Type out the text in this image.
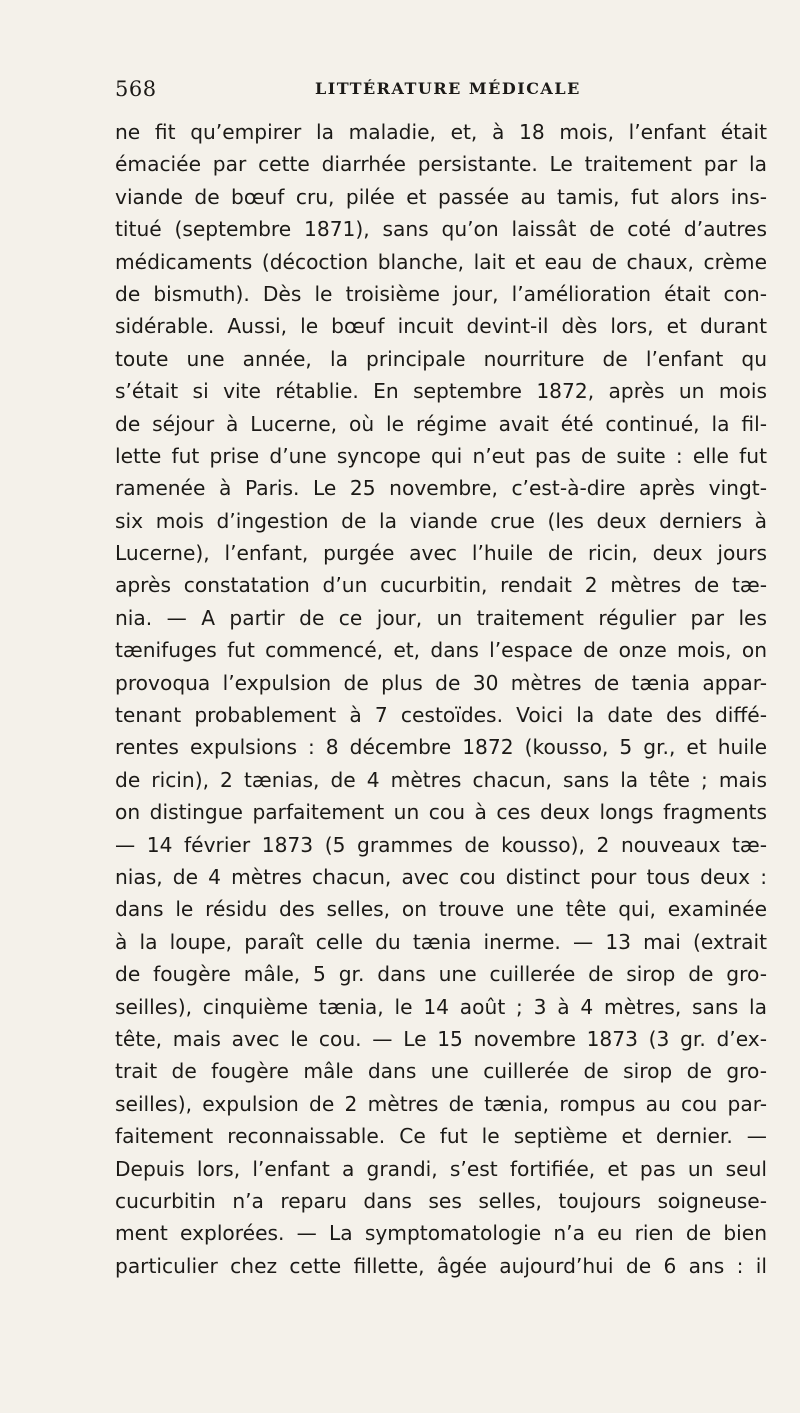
568	LITTÉRATURE MÉDICALE
ne fit qu’empirer la maladie, et, à 18 mois, l’enfant était
émaciée par cette diarrhée persistante. Le traitement par la
viande de bœuf cru, pilée et passée au tamis, fut alors ins-
titué (septembre 1871), sans qu’on laissât de coté d’autres
médicaments (décoction blanche, lait et eau de chaux, crème
de bismuth). Dès le troisième jour, l’amélioration était con-
sidérable. Aussi, le bœuf incuit devint-il dès lors, et durant
toute une année, la principale nourriture de l’enfant qu
s’était si vite rétablie. En septembre 1872, après un mois
de séjour à Lucerne, où le régime avait été continué, la fil-
lette fut prise d’une syncope qui n’eut pas de suite : elle fut
ramenée à Paris. Le 25 novembre, c’est-à-dire après vingt-
six mois d’ingestion de la viande crue (les deux derniers à
Lucerne), l’enfant, purgée avec l’huile de ricin, deux jours
après constatation d’un cucurbitin, rendait 2 mètres de tæ-
nia. — A partir de ce jour, un traitement régulier par les
tænifuges fut commencé, et, dans l’espace de onze mois, on
provoqua l’expulsion de plus de 30 mètres de tænia appar-
tenant probablement à 7 cestoïdes. Voici la date des diffé-
rentes expulsions : 8 décembre 1872 (kousso, 5 gr., et huile
de ricin), 2 tænias, de 4 mètres chacun, sans la tête ; mais
on distingue parfaitement un cou à ces deux longs fragments
— 14 février 1873 (5 grammes de kousso), 2 nouveaux tæ-
nias, de 4 mètres chacun, avec cou distinct pour tous deux :
dans le résidu des selles, on trouve une tête qui, examinée
à la loupe, paraît celle du tænia inerme. — 13 mai (extrait
de fougère mâle, 5 gr. dans une cuillerée de sirop de gro-
seilles), cinquième tænia, le 14 août ; 3 à 4 mètres, sans la
tête, mais avec le cou. — Le 15 novembre 1873 (3 gr. d’ex-
trait de fougère mâle dans une cuillerée de sirop de gro-
seilles), expulsion de 2 mètres de tænia, rompus au cou par-
faitement reconnaissable. Ce fut le septième et dernier. —
Depuis lors, l’enfant a grandi, s’est fortifiée, et pas un seul
cucurbitin n’a reparu dans ses selles, toujours soigneuse-
ment explorées. — La symptomatologie n’a eu rien de bien
particulier chez cette fillette, âgée aujourd’hui de 6 ans : il
